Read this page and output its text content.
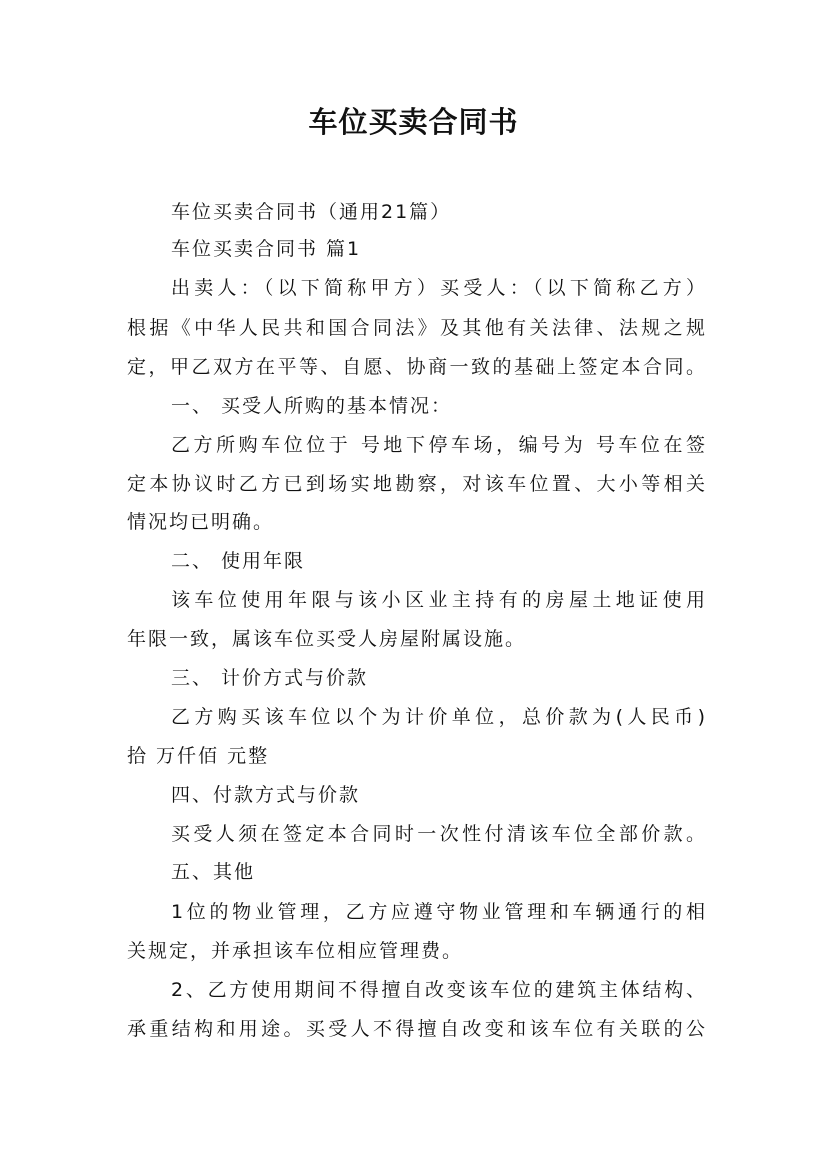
车位买卖合同书
车位买卖合同书（通用21篇）
车位买卖合同书 篇1
出卖人：（以下简称甲方）买受人：（以下简称乙方）
根据《中华人民共和国合同法》及其他有关法律、法规之规
定，甲乙双方在平等、自愿、协商一致的基础上签定本合同。
一、 买受人所购的基本情况：
乙方所购车位位于 号地下停车场，编号为 号车位在签
定本协议时乙方已到场实地勘察，对该车位置、大小等相关
情况均已明确。
二、 使用年限
该车位使用年限与该小区业主持有的房屋土地证使用
年限一致，属该车位买受人房屋附属设施。
三、 计价方式与价款
乙方购买该车位以个为计价单位，总价款为(人民币)
拾 万仟佰 元整
四、付款方式与价款
买受人须在签定本合同时一次性付清该车位全部价款。
五、其他
1位的物业管理，乙方应遵守物业管理和车辆通行的相
关规定，并承担该车位相应管理费。
2、乙方使用期间不得擅自改变该车位的建筑主体结构、
承重结构和用途。买受人不得擅自改变和该车位有关联的公
